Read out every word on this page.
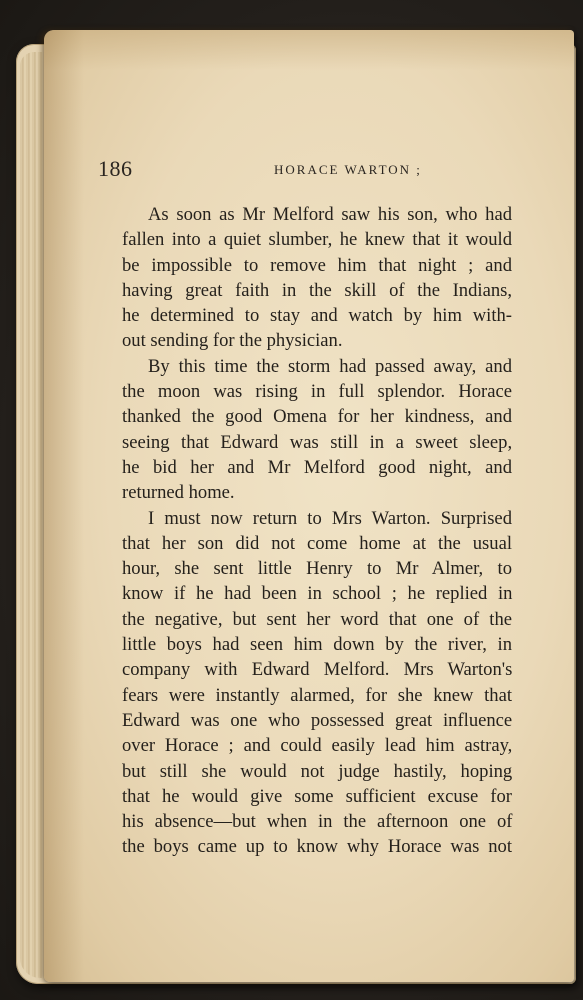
186	HORACE WARTON ;
As soon as Mr Melford saw his son, who had
fallen into a quiet slumber, he knew that it would
be impossible to remove him that night ; and
having great faith in the skill of the Indians,
he determined to stay and watch by him with-
out sending for the physician.
By this time the storm had passed away, and
the moon was rising in full splendor. Horace
thanked the good Omena for her kindness, and
seeing that Edward was still in a sweet sleep,
he bid her and Mr Melford good night, and
returned home.
I must now return to Mrs Warton. Surprised
that her son did not come home at the usual
hour, she sent little Henry to Mr Almer, to
know if he had been in school ; he replied in
the negative, but sent her word that one of the
little boys had seen him down by the river, in
company with Edward Melford. Mrs Warton's
fears were instantly alarmed, for she knew that
Edward was one who possessed great influence
over Horace ; and could easily lead him astray,
but still she would not judge hastily, hoping
that he would give some sufficient excuse for
his absence—but when in the afternoon one of
the boys came up to know why Horace was not
